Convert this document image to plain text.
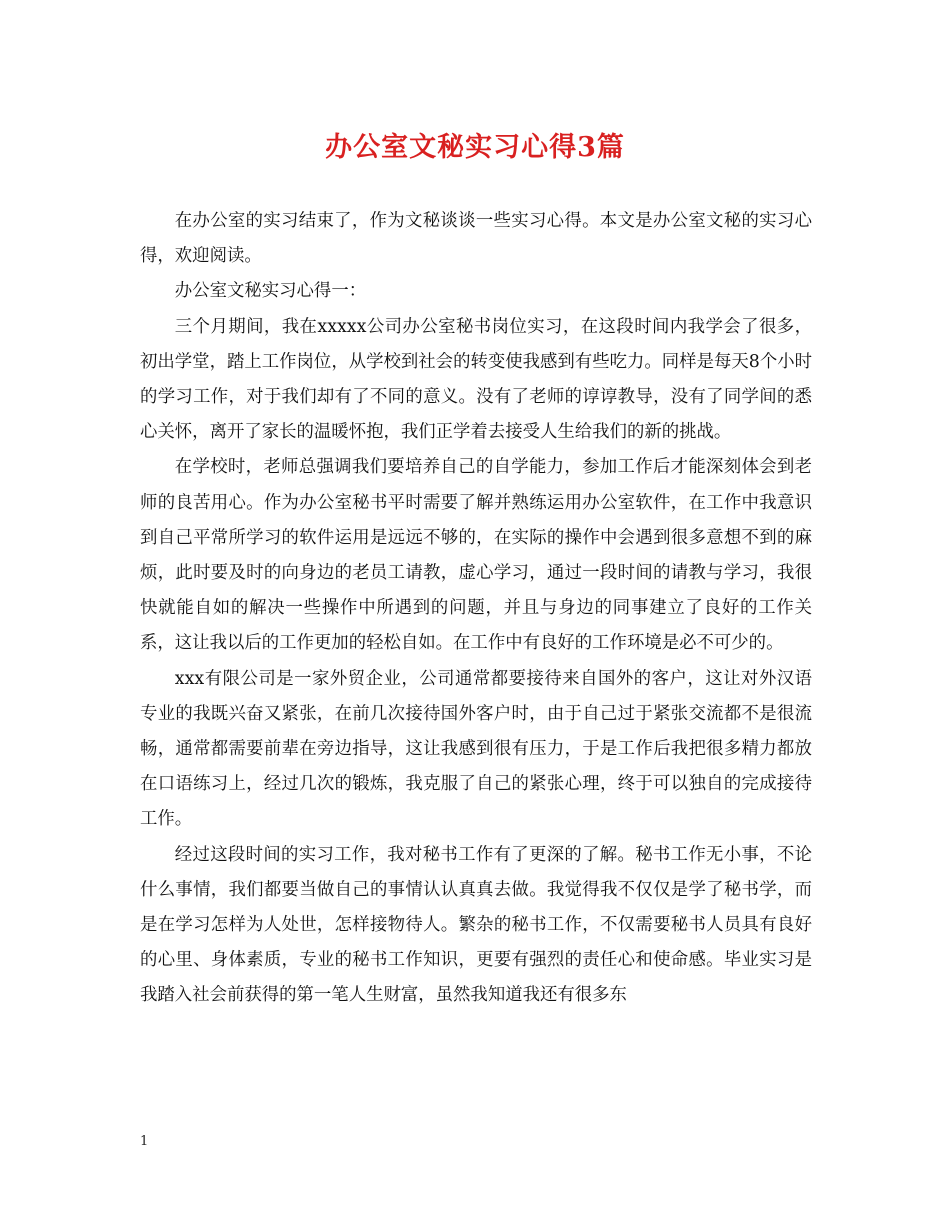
办公室文秘实习心得3篇

在办公室的实习结束了，作为文秘谈谈一些实习心得。本文是办公室文秘的实习心得，欢迎阅读。

办公室文秘实习心得一：

三个月期间，我在xxxxx公司办公室秘书岗位实习，在这段时间内我学会了很多，初出学堂，踏上工作岗位，从学校到社会的转变使我感到有些吃力。同样是每天8个小时的学习工作，对于我们却有了不同的意义。没有了老师的谆谆教导，没有了同学间的悉心关怀，离开了家长的温暖怀抱，我们正学着去接受人生给我们的新的挑战。

在学校时，老师总强调我们要培养自己的自学能力，参加工作后才能深刻体会到老师的良苦用心。作为办公室秘书平时需要了解并熟练运用办公室软件，在工作中我意识到自己平常所学习的软件运用是远远不够的，在实际的操作中会遇到很多意想不到的麻烦，此时要及时的向身边的老员工请教，虚心学习，通过一段时间的请教与学习，我很快就能自如的解决一些操作中所遇到的问题，并且与身边的同事建立了良好的工作关系，这让我以后的工作更加的轻松自如。在工作中有良好的工作环境是必不可少的。

xxx有限公司是一家外贸企业，公司通常都要接待来自国外的客户，这让对外汉语专业的我既兴奋又紧张，在前几次接待国外客户时，由于自己过于紧张交流都不是很流畅，通常都需要前辈在旁边指导，这让我感到很有压力，于是工作后我把很多精力都放在口语练习上，经过几次的锻炼，我克服了自己的紧张心理，终于可以独自的完成接待工作。

经过这段时间的实习工作，我对秘书工作有了更深的了解。秘书工作无小事，不论什么事情，我们都要当做自己的事情认认真真去做。我觉得我不仅仅是学了秘书学，而是在学习怎样为人处世，怎样接物待人。繁杂的秘书工作，不仅需要秘书人员具有良好的心里、身体素质，专业的秘书工作知识，更要有强烈的责任心和使命感。毕业实习是我踏入社会前获得的第一笔人生财富，虽然我知道我还有很多东

1
